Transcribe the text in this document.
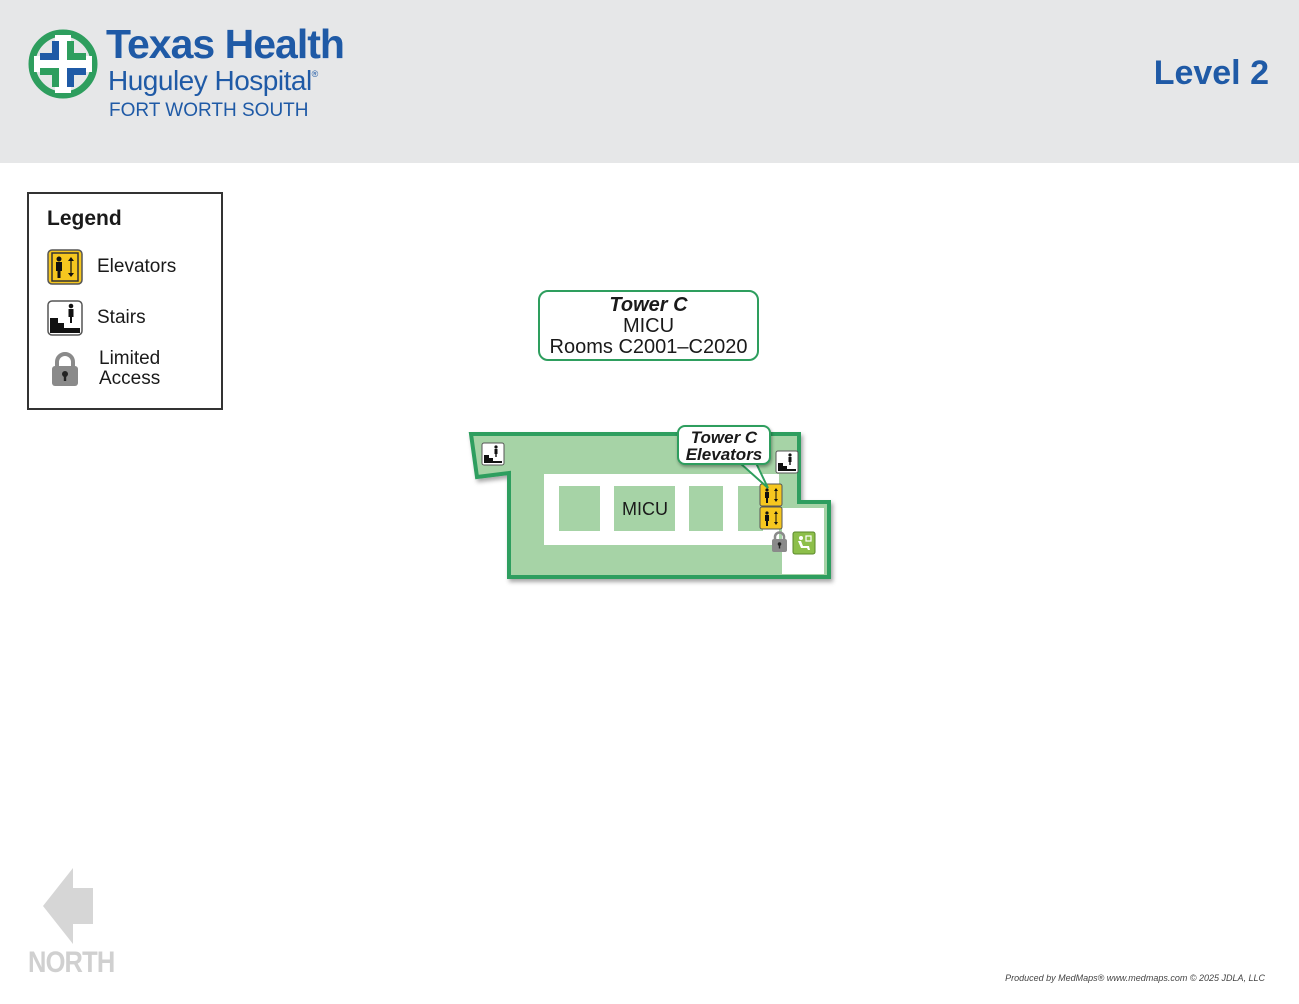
Texas Health
Huguley Hospital®
FORT WORTH SOUTH
Level 2
Legend
Elevators
Stairs
Limited
Access
Tower C
MICU
Rooms C2001–C2020
Tower C
Elevators
MICU
NORTH	Produced by MedMaps® www.medmaps.com © 2025 JDLA, LLC
